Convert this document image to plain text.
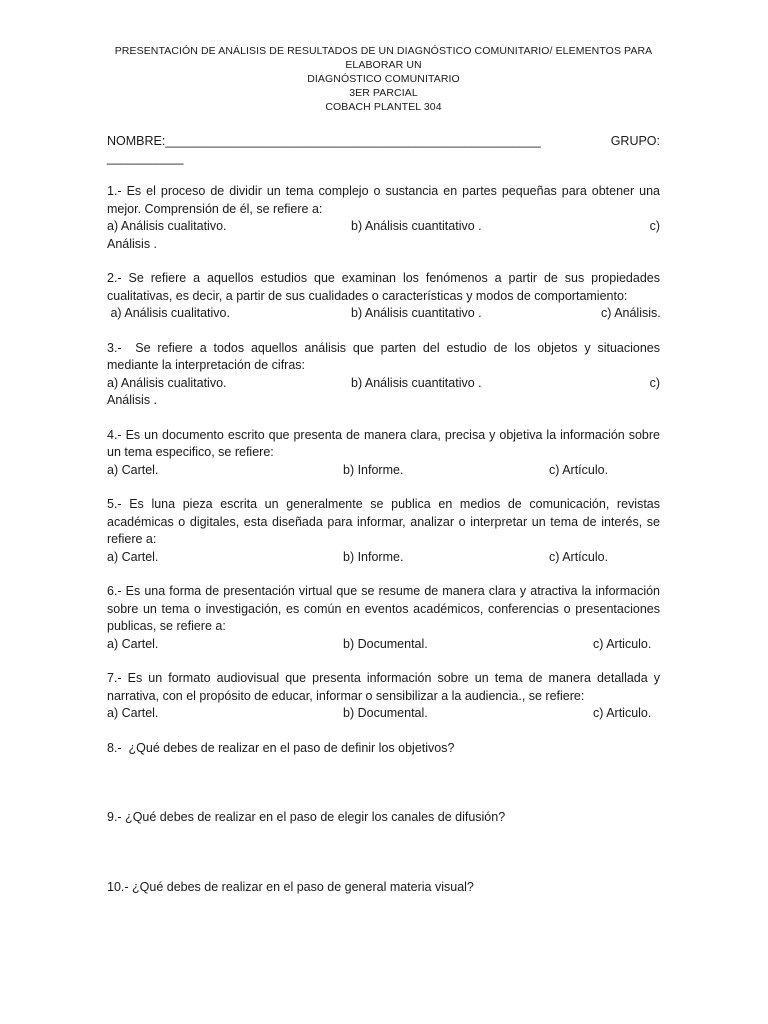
PRESENTACIÓN DE ANÁLISIS DE RESULTADOS DE UN DIAGNÓSTICO COMUNITARIO/ ELEMENTOS PARA ELABORAR UN
DIAGNÓSTICO COMUNITARIO
3ER PARCIAL
COBACH PLANTEL 304
NOMBRE:______________________________________________________	GRUPO:
___________
1.- Es el proceso de dividir un tema complejo o sustancia en partes pequeñas para obtener una mejor. Comprensión de él, se refiere a:
a) Análisis cualitativo.	b) Análisis cuantitativo .	c)
Análisis .
2.- Se refiere a aquellos estudios que examinan los fenómenos a partir de sus propiedades cualitativas, es decir, a partir de sus cualidades o características y modos de comportamiento:
a) Análisis cualitativo.	b) Análisis cuantitativo .	c) Análisis.
3.-  Se refiere a todos aquellos análisis que parten del estudio de los objetos y situaciones mediante la interpretación de cifras:
a) Análisis cualitativo.	b) Análisis cuantitativo .	c)
Análisis .
4.- Es un documento escrito que presenta de manera clara, precisa y objetiva la información sobre un tema especifico, se refiere:
a) Cartel.	b) Informe.	c) Artículo.
5.- Es luna pieza escrita un generalmente se publica en medios de comunicación, revistas académicas o digitales, esta diseñada para informar, analizar o interpretar un tema de interés, se refiere a:
a) Cartel.	b) Informe.	c) Artículo.
6.- Es una forma de presentación virtual que se resume de manera clara y atractiva la información sobre un tema o investigación, es común en eventos académicos, conferencias o presentaciones publicas, se refiere a:
a) Cartel.	b) Documental.	c) Articulo.
7.- Es un formato audiovisual que presenta información sobre un tema de manera detallada y narrativa, con el propósito de educar, informar o sensibilizar a la audiencia., se refiere:
a) Cartel.	b) Documental.	c) Articulo.
8.-  ¿Qué debes de realizar en el paso de definir los objetivos?
9.- ¿Qué debes de realizar en el paso de elegir los canales de difusión?
10.- ¿Qué debes de realizar en el paso de general materia visual?
